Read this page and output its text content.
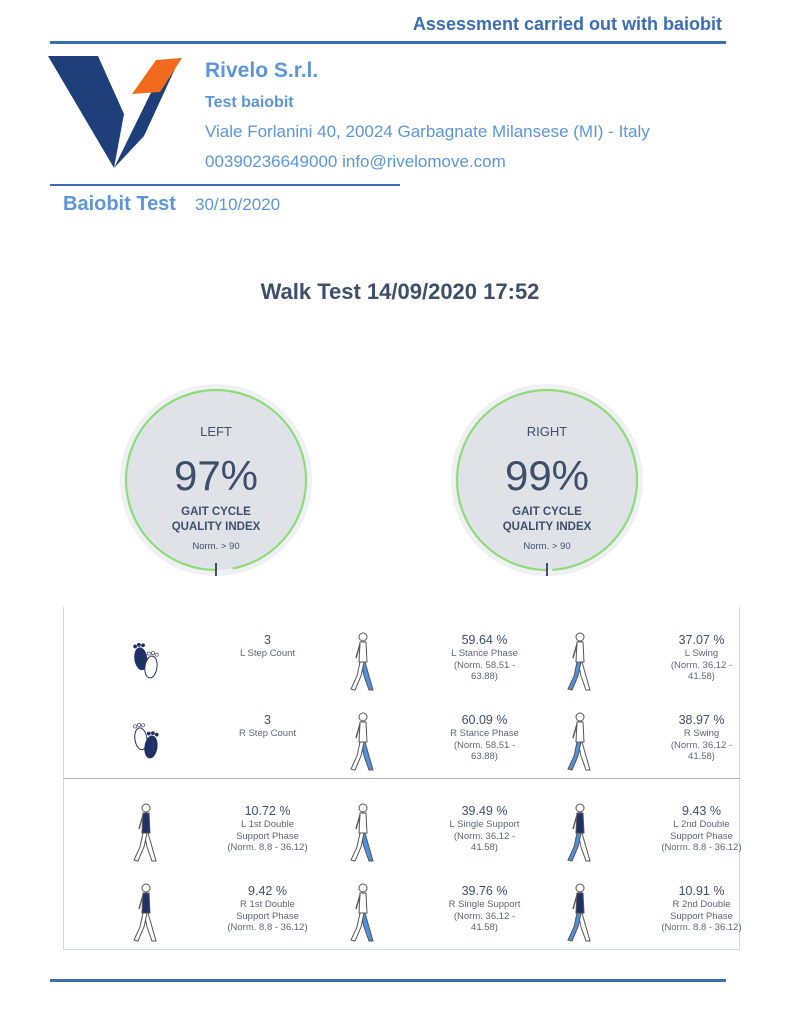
Assessment carried out with baiobit
Rivelo S.r.l.
Test baiobit
Viale Forlanini 40, 20024 Garbagnate Milansese (MI) - Italy
00390236649000 info@rivelomove.com
Baiobit Test 30/10/2020
Walk Test 14/09/2020 17:52
LEFT
97%
GAIT CYCLE
QUALITY INDEX
Norm. > 90
RIGHT
99%
GAIT CYCLE
QUALITY INDEX
Norm. > 90
3
L Step Count
59.64 %
L Stance Phase
(Norm. 58.51 -
63.88)
37.07 %
L Swing
(Norm. 36.12 -
41.58)
3
R Step Count
60.09 %
R Stance Phase
(Norm. 58.51 -
63.88)
38.97 %
R Swing
(Norm. 36.12 -
41.58)
10.72 %
L 1st Double
Support Phase
(Norm. 8.8 - 36.12)
39.49 %
L Single Support
(Norm. 36.12 -
41.58)
9.43 %
L 2nd Double
Support Phase
(Norm. 8.8 - 36.12)
9.42 %
R 1st Double
Support Phase
(Norm. 8.8 - 36.12)
39.76 %
R Single Support
(Norm. 36.12 -
41.58)
10.91 %
R 2nd Double
Support Phase
(Norm. 8.8 - 36.12)
